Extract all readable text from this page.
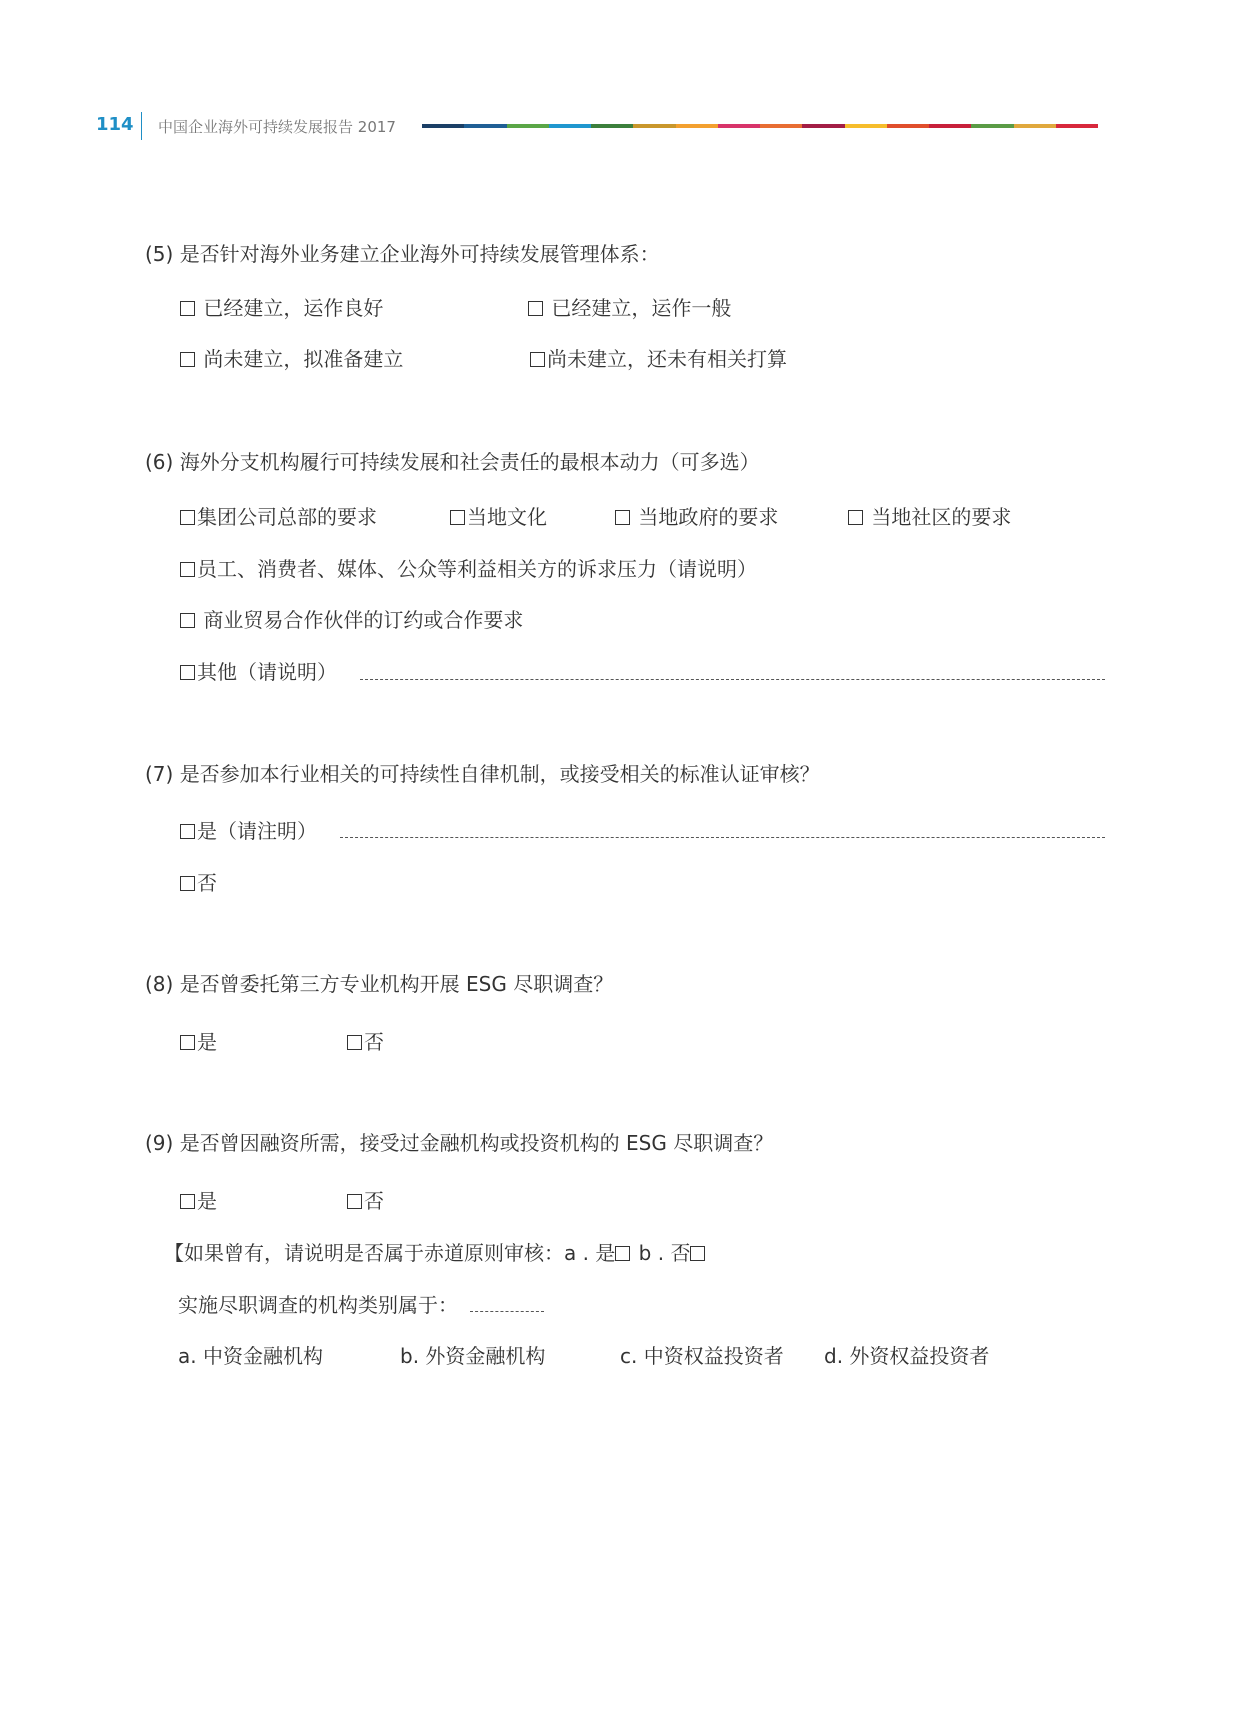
114 中国企业海外可持续发展报告 2017
(5) 是否针对海外业务建立企业海外可持续发展管理体系：
已经建立，运作良好	已经建立，运作一般
尚未建立，拟准备建立	尚未建立，还未有相关打算
(6) 海外分支机构履行可持续发展和社会责任的最根本动力（可多选）
集团公司总部的要求	当地文化	当地政府的要求	当地社区的要求
员工、消费者、媒体、公众等利益相关方的诉求压力（请说明）
商业贸易合作伙伴的订约或合作要求
其他（请说明）
(7) 是否参加本行业相关的可持续性自律机制，或接受相关的标准认证审核？
是（请注明）
否
(8) 是否曾委托第三方专业机构开展 ESG 尽职调查？
是	否
(9) 是否曾因融资所需，接受过金融机构或投资机构的 ESG 尽职调查？
是	否
【如果曾有，请说明是否属于赤道原则审核：a . 是 b . 否
实施尽职调查的机构类别属于：
a. 中资金融机构	b. 外资金融机构	c. 中资权益投资者 d. 外资权益投资者
